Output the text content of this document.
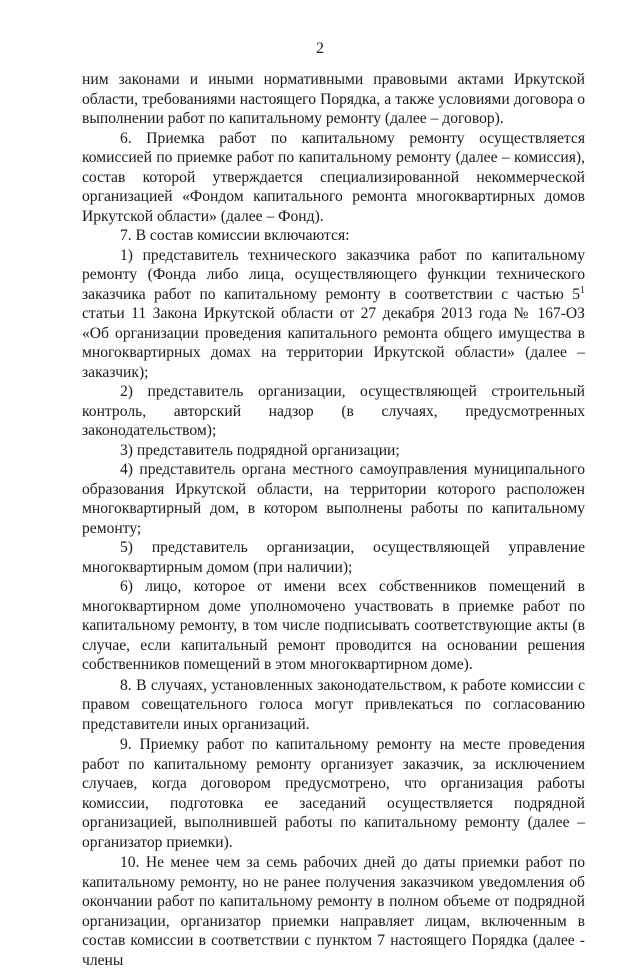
2

ним законами и иными нормативными правовыми актами Иркутской области, требованиями настоящего Порядка, а также условиями договора о выполнении работ по капитальному ремонту (далее – договор).

6. Приемка работ по капитальному ремонту осуществляется комиссией по приемке работ по капитальному ремонту (далее – комиссия), состав которой утверждается специализированной некоммерческой организацией «Фондом капитального ремонта многоквартирных домов Иркутской области» (далее – Фонд).

7. В состав комиссии включаются:

1) представитель технического заказчика работ по капитальному ремонту (Фонда либо лица, осуществляющего функции технического заказчика работ по капитальному ремонту в соответствии с частью $5^1$ статьи 11 Закона Иркутской области от 27 декабря 2013 года № 167-ОЗ «Об организации проведения капитального ремонта общего имущества в многоквартирных домах на территории Иркутской области» (далее – заказчик);

2) представитель организации, осуществляющей строительный контроль, авторский надзор (в случаях, предусмотренных законодательством);

3) представитель подрядной организации;

4) представитель органа местного самоуправления муниципального образования Иркутской области, на территории которого расположен многоквартирный дом, в котором выполнены работы по капитальному ремонту;

5) представитель организации, осуществляющей управление многоквартирным домом (при наличии);

6) лицо, которое от имени всех собственников помещений в многоквартирном доме уполномочено участвовать в приемке работ по капитальному ремонту, в том числе подписывать соответствующие акты (в случае, если капитальный ремонт проводится на основании решения собственников помещений в этом многоквартирном доме).

8. В случаях, установленных законодательством, к работе комиссии с правом совещательного голоса могут привлекаться по согласованию представители иных организаций.

9. Приемку работ по капитальному ремонту на месте проведения работ по капитальному ремонту организует заказчик, за исключением случаев, когда договором предусмотрено, что организация работы комиссии, подготовка ее заседаний осуществляется подрядной организацией, выполнившей работы по капитальному ремонту (далее – организатор приемки).

10. Не менее чем за семь рабочих дней до даты приемки работ по капитальному ремонту, но не ранее получения заказчиком уведомления об окончании работ по капитальному ремонту в полном объеме от подрядной организации, организатор приемки направляет лицам, включенным в состав комиссии в соответствии с пунктом 7 настоящего Порядка (далее - члены
